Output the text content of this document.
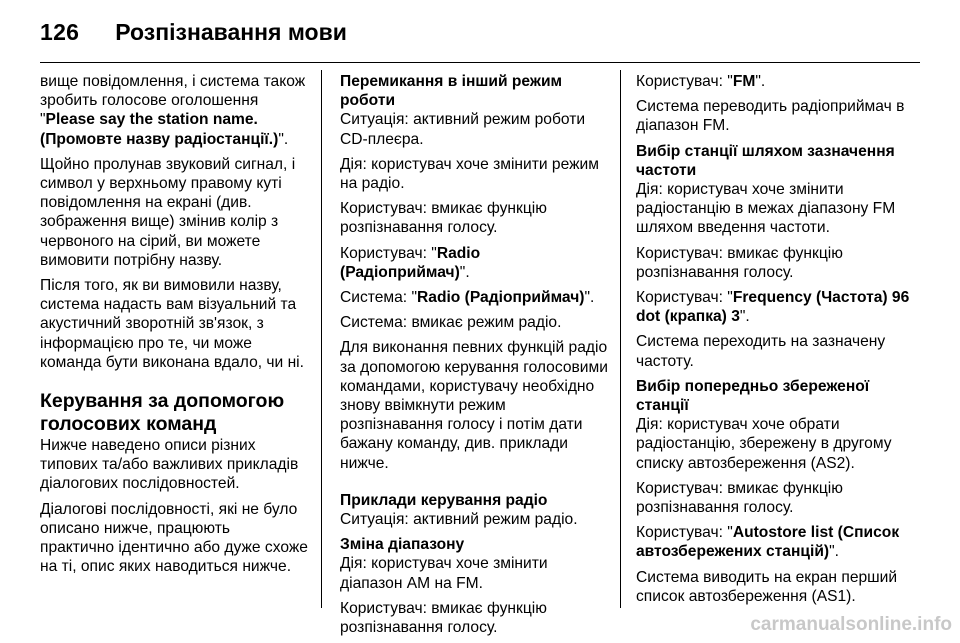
126 Розпізнавання мови

вище повідомлення, і система також зробить голосове оголошення "Please say the station name. (Промовте назву радіостанції.)".

Щойно пролунав звуковий сигнал, і символ у верхньому правому куті повідомлення на екрані (див. зображення вище) змінив колір з червоного на сірий, ви можете вимовити потрібну назву.

Після того, як ви вимовили назву, система надасть вам візуальний та акустичний зворотній зв'язок, з інформацією про те, чи може команда бути виконана вдало, чи ні.

Керування за допомогою голосових команд

Нижче наведено описи різних типових та/або важливих прикладів діалогових послідовностей.

Діалогові послідовності, які не було описано нижче, працюють практично ідентично або дуже схоже на ті, опис яких наводиться нижче.

Перемикання в інший режим роботи

Ситуація: активний режим роботи CD-плеєра.

Дія: користувач хоче змінити режим на радіо.

Користувач: вмикає функцію розпізнавання голосу.

Користувач: "Radio (Радіоприймач)".

Система: "Radio (Радіоприймач)".

Система: вмикає режим радіо.

Для виконання певних функцій радіо за допомогою керування голосовими командами, користувачу необхідно знову ввімкнути режим розпізнавання голосу і потім дати бажану команду, див. приклади нижче.

Приклади керування радіо

Ситуація: активний режим радіо.

Зміна діапазону

Дія: користувач хоче змінити діапазон AM на FM.

Користувач: вмикає функцію розпізнавання голосу.

Користувач: "FM".

Система переводить радіоприймач в діапазон FM.

Вибір станції шляхом зазначення частоти

Дія: користувач хоче змінити радіостанцію в межах діапазону FM шляхом введення частоти.

Користувач: вмикає функцію розпізнавання голосу.

Користувач: "Frequency (Частота) 96 dot (крапка) 3".

Система переходить на зазначену частоту.

Вибір попередньо збереженої станції

Дія: користувач хоче обрати радіостанцію, збережену в другому списку автозбереження (AS2).

Користувач: вмикає функцію розпізнавання голосу.

Користувач: "Autostore list (Список автозбережених станцій)".

Система виводить на екран перший список автозбереження (AS1).

carmanualsonline.info
